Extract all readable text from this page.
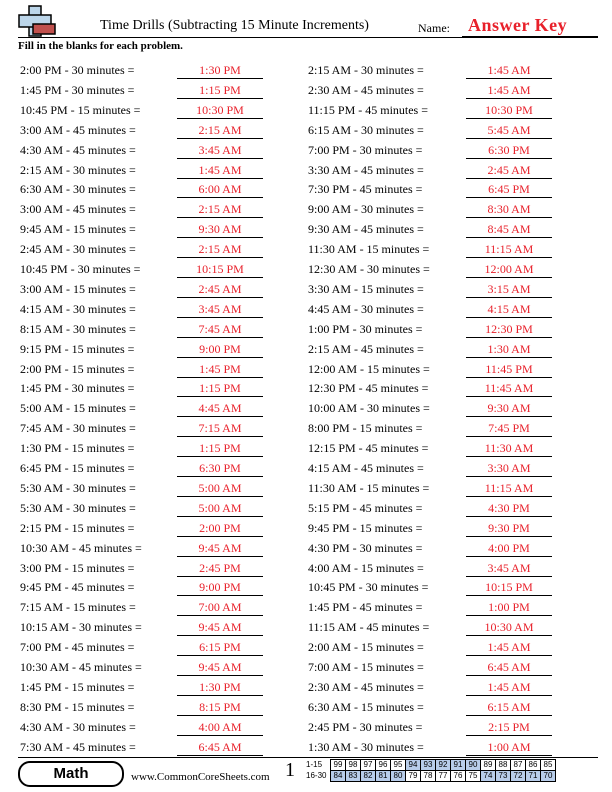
Time Drills (Subtracting 15 Minute Increments)	Name: Answer Key
Fill in the blanks for each problem.
2:00 PM - 30 minutes =	1:30 PM
1:45 PM - 30 minutes =	1:15 PM
10:45 PM - 15 minutes =	10:30 PM
3:00 AM - 45 minutes =	2:15 AM
4:30 AM - 45 minutes =	3:45 AM
2:15 AM - 30 minutes =	1:45 AM
6:30 AM - 30 minutes =	6:00 AM
3:00 AM - 45 minutes =	2:15 AM
9:45 AM - 15 minutes =	9:30 AM
2:45 AM - 30 minutes =	2:15 AM
10:45 PM - 30 minutes =	10:15 PM
3:00 AM - 15 minutes =	2:45 AM
4:15 AM - 30 minutes =	3:45 AM
8:15 AM - 30 minutes =	7:45 AM
9:15 PM - 15 minutes =	9:00 PM
2:00 PM - 15 minutes =	1:45 PM
1:45 PM - 30 minutes =	1:15 PM
5:00 AM - 15 minutes =	4:45 AM
7:45 AM - 30 minutes =	7:15 AM
1:30 PM - 15 minutes =	1:15 PM
6:45 PM - 15 minutes =	6:30 PM
5:30 AM - 30 minutes =	5:00 AM
5:30 AM - 30 minutes =	5:00 AM
2:15 PM - 15 minutes =	2:00 PM
10:30 AM - 45 minutes =	9:45 AM
3:00 PM - 15 minutes =	2:45 PM
9:45 PM - 45 minutes =	9:00 PM
7:15 AM - 15 minutes =	7:00 AM
10:15 AM - 30 minutes =	9:45 AM
7:00 PM - 45 minutes =	6:15 PM
10:30 AM - 45 minutes =	9:45 AM
1:45 PM - 15 minutes =	1:30 PM
8:30 PM - 15 minutes =	8:15 PM
4:30 AM - 30 minutes =	4:00 AM
7:30 AM - 45 minutes =	6:45 AM
2:15 AM - 30 minutes =	1:45 AM
2:30 AM - 45 minutes =	1:45 AM
11:15 PM - 45 minutes =	10:30 PM
6:15 AM - 30 minutes =	5:45 AM
7:00 PM - 30 minutes =	6:30 PM
3:30 AM - 45 minutes =	2:45 AM
7:30 PM - 45 minutes =	6:45 PM
9:00 AM - 30 minutes =	8:30 AM
9:30 AM - 45 minutes =	8:45 AM
11:30 AM - 15 minutes =	11:15 AM
12:30 AM - 30 minutes =	12:00 AM
3:30 AM - 15 minutes =	3:15 AM
4:45 AM - 30 minutes =	4:15 AM
1:00 PM - 30 minutes =	12:30 PM
2:15 AM - 45 minutes =	1:30 AM
12:00 AM - 15 minutes =	11:45 PM
12:30 PM - 45 minutes =	11:45 AM
10:00 AM - 30 minutes =	9:30 AM
8:00 PM - 15 minutes =	7:45 PM
12:15 PM - 45 minutes =	11:30 AM
4:15 AM - 45 minutes =	3:30 AM
11:30 AM - 15 minutes =	11:15 AM
5:15 PM - 45 minutes =	4:30 PM
9:45 PM - 15 minutes =	9:30 PM
4:30 PM - 30 minutes =	4:00 PM
4:00 AM - 15 minutes =	3:45 AM
10:45 PM - 30 minutes =	10:15 PM
1:45 PM - 45 minutes =	1:00 PM
11:15 AM - 45 minutes =	10:30 AM
2:00 AM - 15 minutes =	1:45 AM
7:00 AM - 15 minutes =	6:45 AM
2:30 AM - 45 minutes =	1:45 AM
6:30 AM - 15 minutes =	6:15 AM
2:45 PM - 30 minutes =	2:15 PM
1:30 AM - 30 minutes =	1:00 AM
Math	www.CommonCoreSheets.com 1 1-15	99	98	97	96	95	94	93	92	91	90	89	88	87	86	85
16-30	84	83	82	81	80	79	78	77	76	75	74	73	72	71	70
